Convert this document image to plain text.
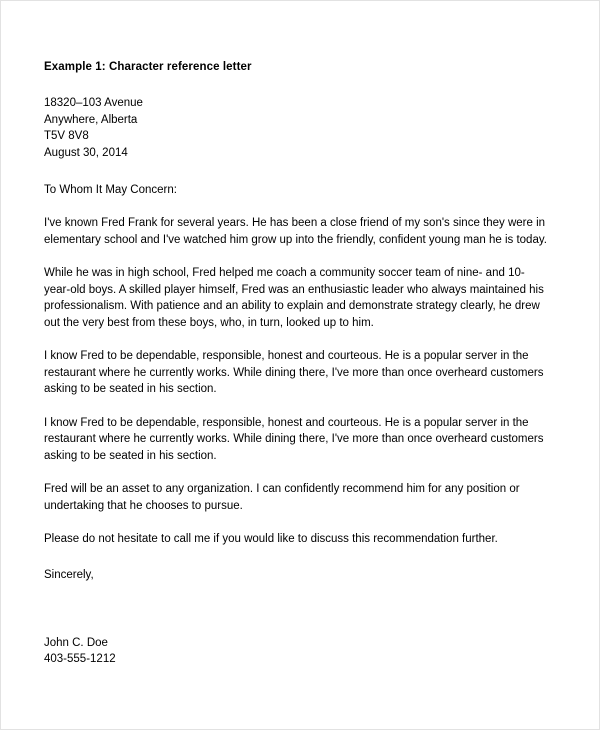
Example 1: Character reference letter

18320–103 Avenue
Anywhere, Alberta
T5V 8V8
August 30, 2014

To Whom It May Concern:

I've known Fred Frank for several years. He has been a close friend of my son's since they were in elementary school and I've watched him grow up into the friendly, confident young man he is today.

While he was in high school, Fred helped me coach a community soccer team of nine- and 10-year-old boys. A skilled player himself, Fred was an enthusiastic leader who always maintained his professionalism. With patience and an ability to explain and demonstrate strategy clearly, he drew out the very best from these boys, who, in turn, looked up to him.

I know Fred to be dependable, responsible, honest and courteous. He is a popular server in the restaurant where he currently works. While dining there, I've more than once overheard customers asking to be seated in his section.

I know Fred to be dependable, responsible, honest and courteous. He is a popular server in the restaurant where he currently works. While dining there, I've more than once overheard customers asking to be seated in his section.

Fred will be an asset to any organization. I can confidently recommend him for any position or undertaking that he chooses to pursue.

Please do not hesitate to call me if you would like to discuss this recommendation further.

Sincerely,

John C. Doe
403-555-1212
